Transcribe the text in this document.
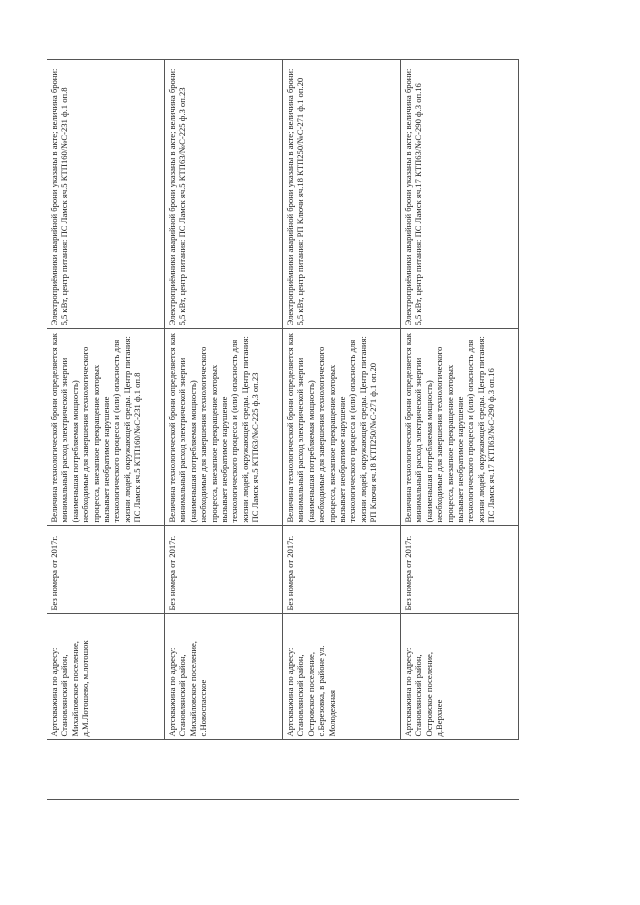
		Артскважина по адресу: Становлянский район, Михайловское поселение, д.М.Лотошево, м.лотошок	Без номера от 2017г.	Величина технологической брони определяется как минимальный расход электрической энергии (наименьшая потребляемая мощность) необходимые для завершения технологического процесса, внезапное прекращение которых вызывает необратимое нарушение технологического процесса и (или) опасность для жизни людей, окружающей среды. Центр питания: ПС Ламск яч.5 КТП160/№С-231 ф.1 оп.8	Электроприёмники аварийной брони указаны в акте; величина брони: 5,5 кВт, центр питания: ПС Ламск яч.5 КТП160/№С-231 ф.1 оп.8
		Артскважина по адресу: Становлянский район, Михайловское поселение, с.Новоспасское	Без номера от 2017г.	Величина технологической брони определяется как минимальный расход электрической энергии (наименьшая потребляемая мощность) необходимые для завершения технологического процесса, внезапное прекращение которых вызывает необратимое нарушение технологического процесса и (или) опасность для жизни людей, окружающей среды. Центр питания: ПС Ламск яч.5 КТП63/№С-225 ф.3 оп.23	Электроприёмники аварийной брони указаны в акте; величина брони: 5,5 кВт, центр питания: ПС Ламск яч.5 КТП63/№С-225 ф.3 оп.23
		Артскважина по адресу: Становлянский район, Островское поселение, с.Березовка, в районе ул. Молодежная	Без номера от 2017г.	Величина технологической брони определяется как минимальный расход электрической энергии (наименьшая потребляемая мощность) необходимые для завершения технологического процесса, внезапное прекращение которых вызывает необратимое нарушение технологического процесса и (или) опасность для жизни людей, окружающей среды. Центр питания: РП Ключи яч.18 КТП250/№С-271 ф.1 оп.20	Электроприёмники аварийной брони указаны в акте; величина брони: 5,5 кВт, центр питания: РП Ключи яч.18 КТП250/№С-271 ф.1 оп.20
		Артскважина по адресу: Становлянский район, Островское поселение, д.Верхнее	Без номера от 2017г.	Величина технологической брони определяется как минимальный расход электрической энергии (наименьшая потребляемая мощность) необходимые для завершения технологического процесса, внезапное прекращение которых вызывает необратимое нарушение технологического процесса и (или) опасность для жизни людей, окружающей среды. Центр питания: ПС Ламск яч.17 КТП63/№С-290 ф.3 оп.16	Электроприёмники аварийной брони указаны в акте; величина брони: 5,5 кВт, центр питания: ПС Ламск яч.17 КТП63/№С-290 ф.3 оп.16
